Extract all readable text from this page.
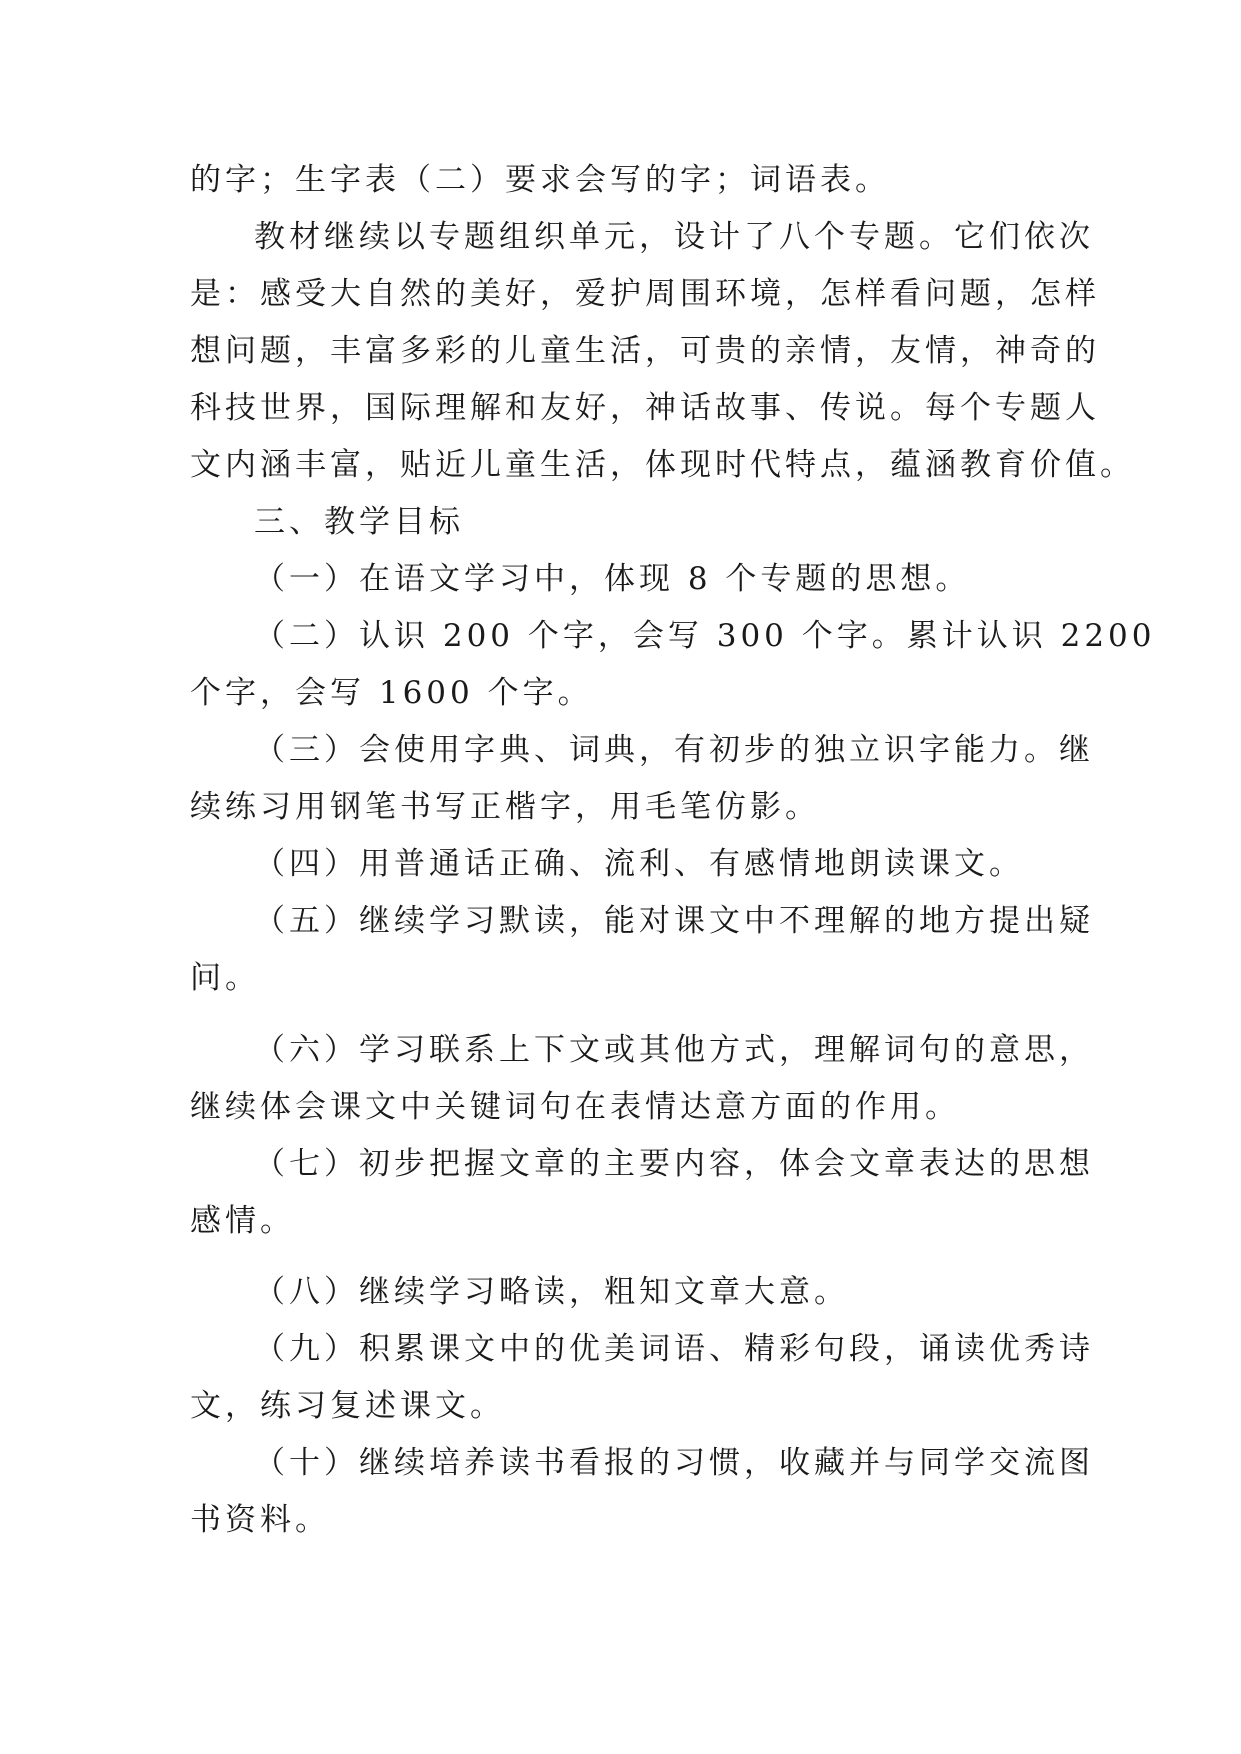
的字；生字表（二）要求会写的字；词语表。
教材继续以专题组织单元，设计了八个专题。它们依次
是：感受大自然的美好，爱护周围环境，怎样看问题，怎样
想问题，丰富多彩的儿童生活，可贵的亲情，友情，神奇的
科技世界，国际理解和友好，神话故事、传说。每个专题人
文内涵丰富，贴近儿童生活，体现时代特点，蕴涵教育价值。
三、教学目标
（一）在语文学习中，体现 8 个专题的思想。
（二）认识 200 个字，会写 300 个字。累计认识 2200
个字，会写 1600 个字。
（三）会使用字典、词典，有初步的独立识字能力。继
续练习用钢笔书写正楷字，用毛笔仿影。
（四）用普通话正确、流利、有感情地朗读课文。
（五）继续学习默读，能对课文中不理解的地方提出疑
问。
（六）学习联系上下文或其他方式，理解词句的意思，
继续体会课文中关键词句在表情达意方面的作用。
（七）初步把握文章的主要内容，体会文章表达的思想
感情。
（八）继续学习略读，粗知文章大意。
（九）积累课文中的优美词语、精彩句段，诵读优秀诗
文，练习复述课文。
（十）继续培养读书看报的习惯，收藏并与同学交流图
书资料。
